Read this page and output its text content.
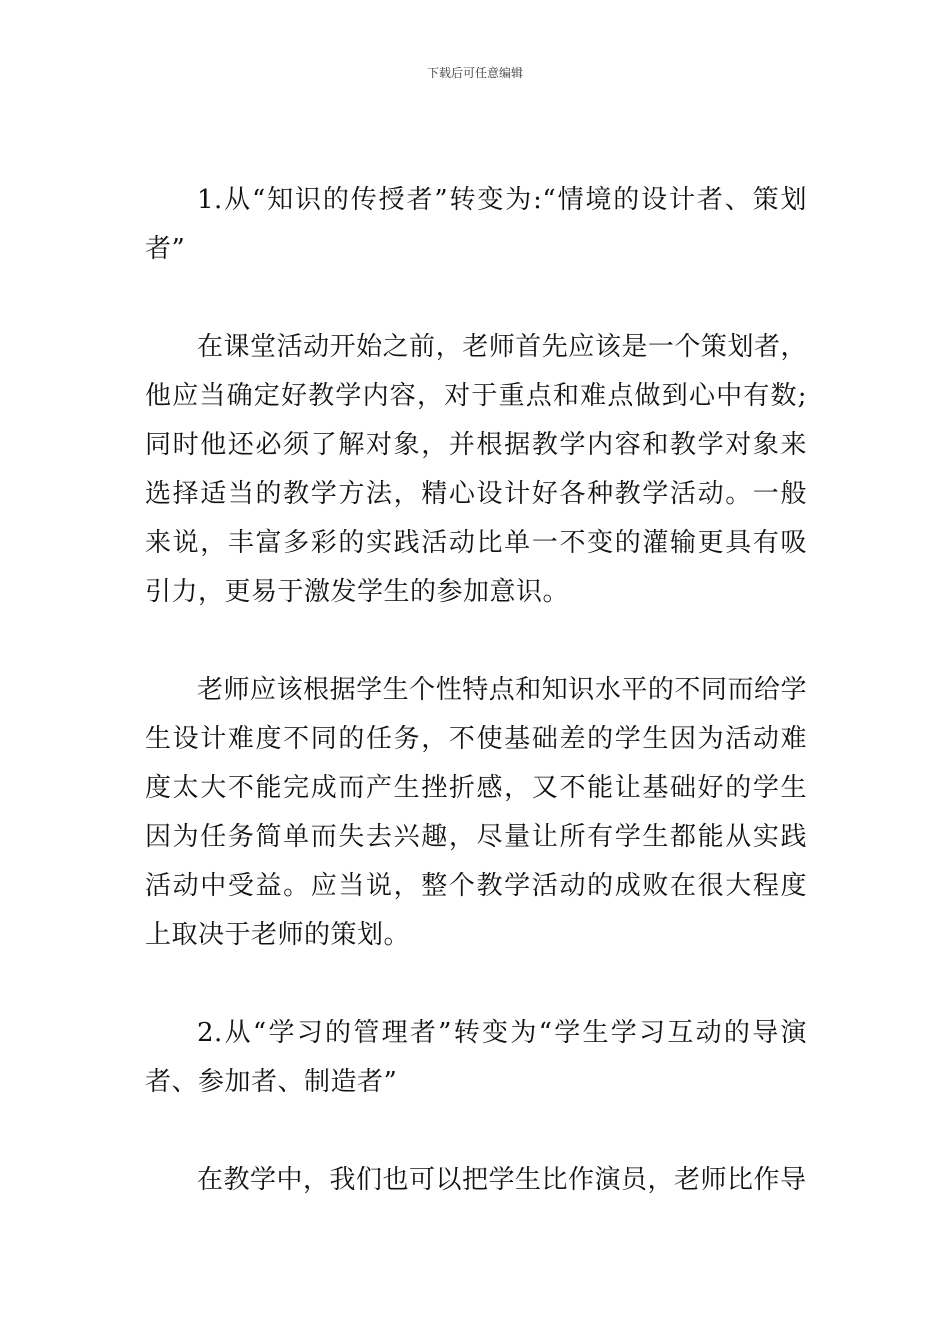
下载后可任意编辑

1.从“知识的传授者”转变为:“情境的设计者、策划者”

在课堂活动开始之前，老师首先应该是一个策划者，他应当确定好教学内容，对于重点和难点做到心中有数;同时他还必须了解对象，并根据教学内容和教学对象来选择适当的教学方法，精心设计好各种教学活动。一般来说，丰富多彩的实践活动比单一不变的灌输更具有吸引力，更易于激发学生的参加意识。

老师应该根据学生个性特点和知识水平的不同而给学生设计难度不同的任务，不使基础差的学生因为活动难度太大不能完成而产生挫折感，又不能让基础好的学生因为任务简单而失去兴趣，尽量让所有学生都能从实践活动中受益。应当说，整个教学活动的成败在很大程度上取决于老师的策划。

2.从“学习的管理者”转变为“学生学习互动的导演者、参加者、制造者”

在教学中，我们也可以把学生比作演员，老师比作导
